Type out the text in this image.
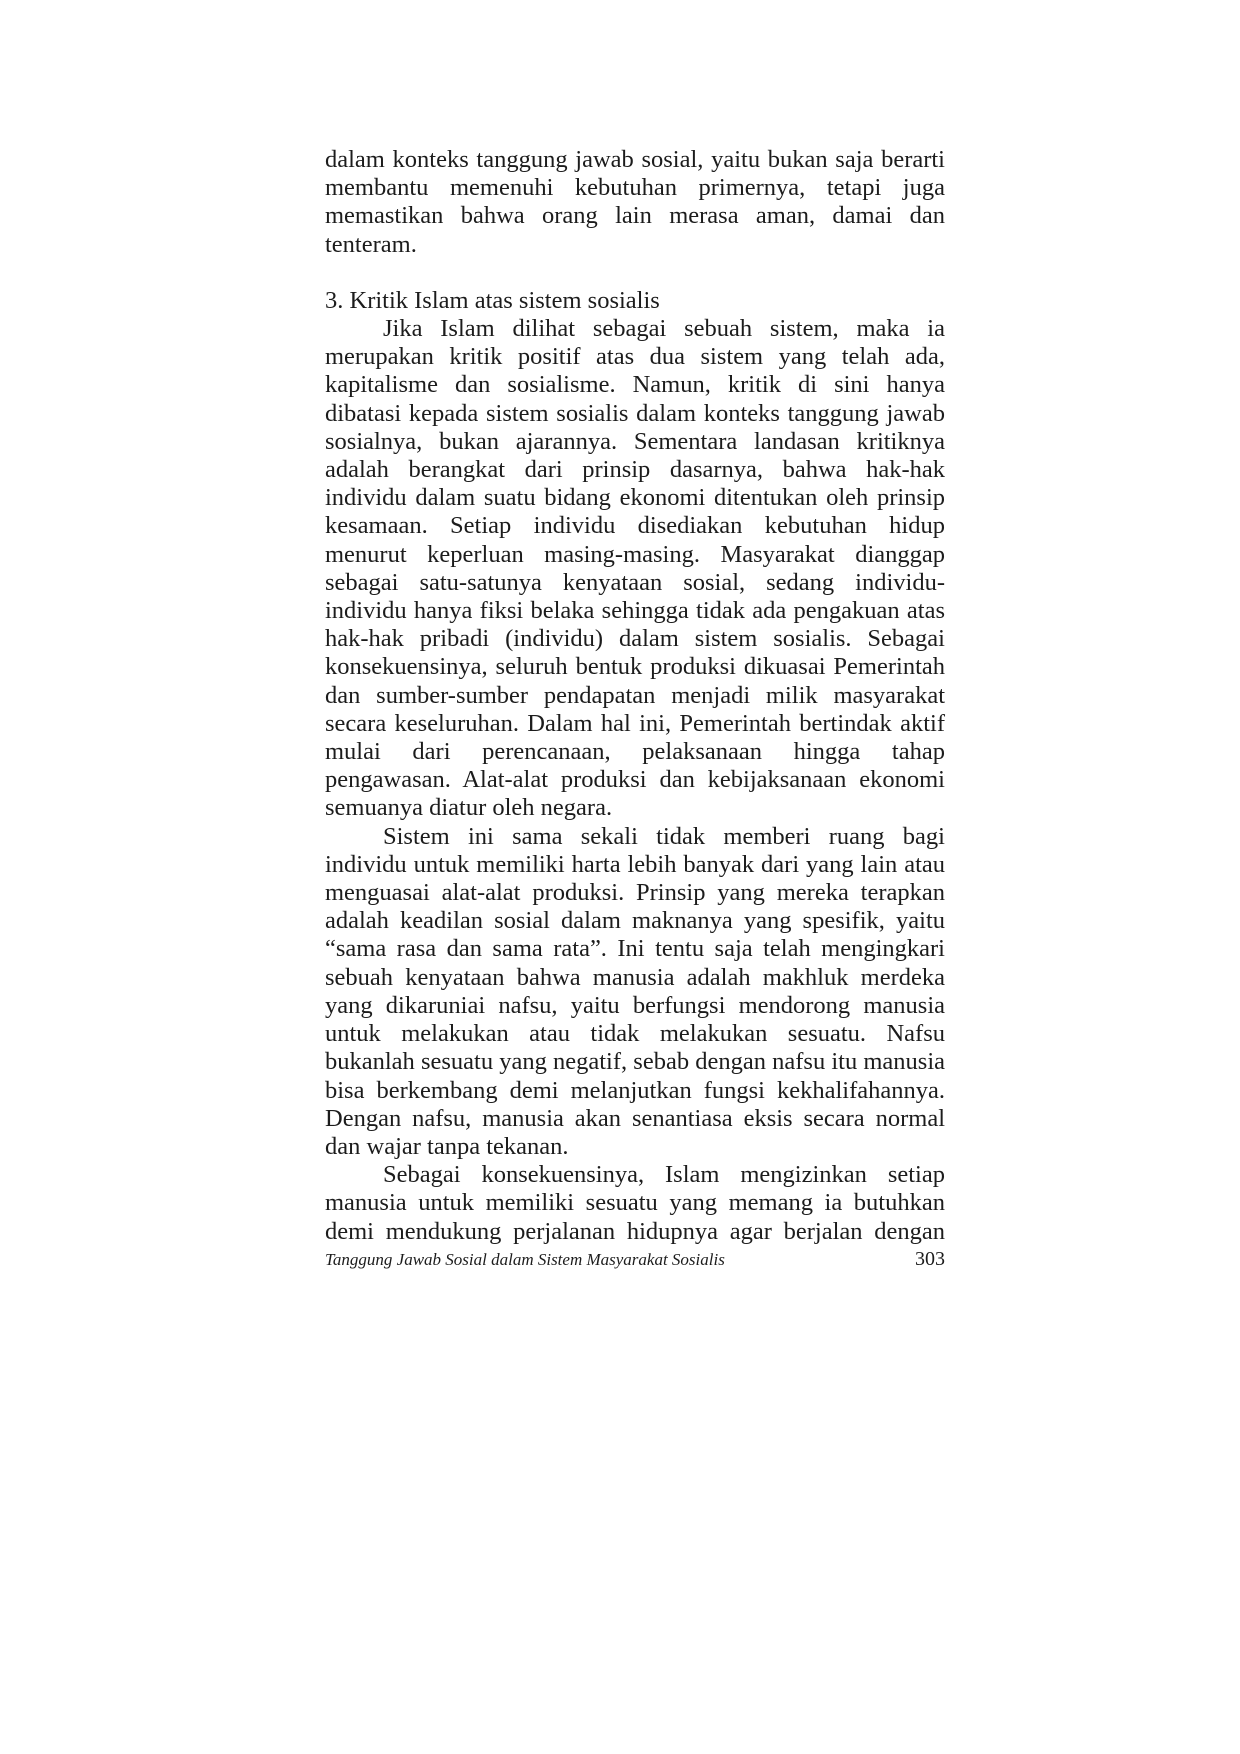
dalam konteks tanggung jawab sosial, yaitu bukan saja berarti membantu memenuhi kebutuhan primernya, tetapi juga memastikan bahwa orang lain merasa aman, damai dan tenteram.

3. Kritik Islam atas sistem sosialis

Jika Islam dilihat sebagai sebuah sistem, maka ia merupakan kritik positif atas dua sistem yang telah ada, kapitalisme dan sosialisme. Namun, kritik di sini hanya dibatasi kepada sistem sosialis dalam konteks tanggung jawab sosialnya, bukan ajarannya. Sementara landasan kritiknya adalah berangkat dari prinsip dasarnya, bahwa hak-hak individu dalam suatu bidang ekonomi ditentukan oleh prinsip kesamaan. Setiap individu disediakan kebutuhan hidup menurut keperluan masing-masing. Masyarakat dianggap sebagai satu-satunya kenyataan sosial, sedang individu-individu hanya fiksi belaka sehingga tidak ada pengakuan atas hak-hak pribadi (individu) dalam sistem sosialis. Sebagai konsekuensinya, seluruh bentuk produksi dikuasai Pemerintah dan sumber-sumber pendapatan menjadi milik masyarakat secara keseluruhan. Dalam hal ini, Pemerintah bertindak aktif mulai dari perencanaan, pelaksanaan hingga tahap pengawasan. Alat-alat produksi dan kebijaksanaan ekonomi semuanya diatur oleh negara.

Sistem ini sama sekali tidak memberi ruang bagi individu untuk memiliki harta lebih banyak dari yang lain atau menguasai alat-alat produksi. Prinsip yang mereka terapkan adalah keadilan sosial dalam maknanya yang spesifik, yaitu “sama rasa dan sama rata”. Ini tentu saja telah mengingkari sebuah kenyataan bahwa manusia adalah makhluk merdeka yang dikaruniai nafsu, yaitu berfungsi mendorong manusia untuk melakukan atau tidak melakukan sesuatu. Nafsu bukanlah sesuatu yang negatif, sebab dengan nafsu itu manusia bisa berkembang demi melanjutkan fungsi kekhalifahannya. Dengan nafsu, manusia akan senantiasa eksis secara normal dan wajar tanpa tekanan.

Sebagai konsekuensinya, Islam mengizinkan setiap manusia untuk memiliki sesuatu yang memang ia butuhkan demi mendukung perjalanan hidupnya agar berjalan dengan

Tanggung Jawab Sosial dalam Sistem Masyarakat Sosialis	303
